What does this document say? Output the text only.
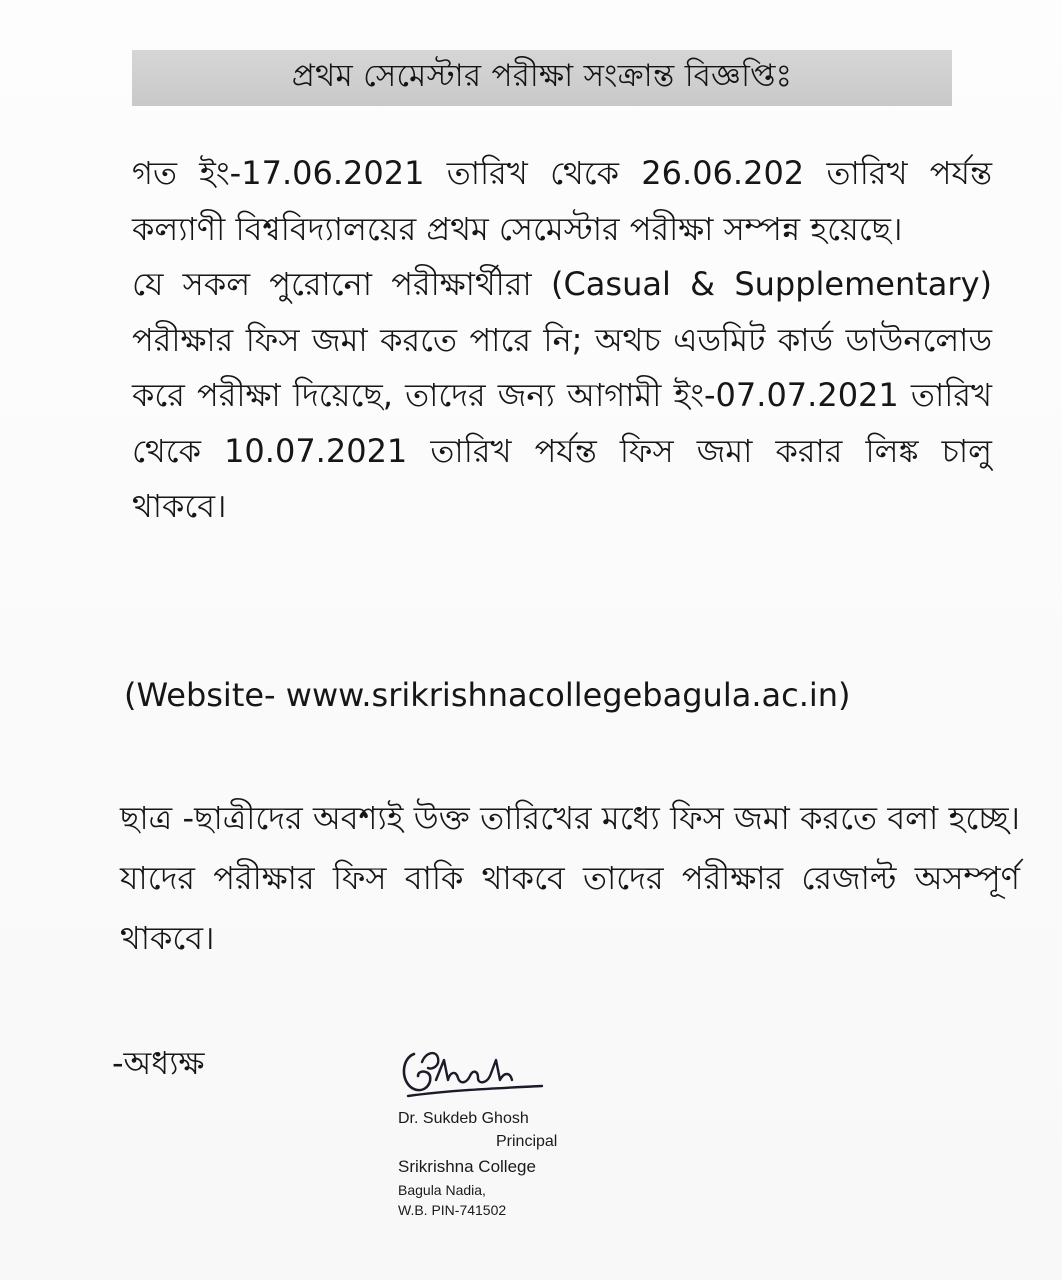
প্রথম সেমেস্টার পরীক্ষা সংক্রান্ত বিজ্ঞপ্তিঃ

গত ইং-17.06.2021 তারিখ থেকে 26.06.202 তারিখ পর্যন্ত কল্যাণী বিশ্ববিদ্যালয়ের প্রথম সেমেস্টার পরীক্ষা সম্পন্ন হয়েছে।

যে সকল পুরোনো পরীক্ষার্থীরা (Casual & Supplementary) পরীক্ষার ফিস জমা করতে পারে নি; অথচ এডমিট কার্ড ডাউনলোড করে পরীক্ষা দিয়েছে, তাদের জন্য আগামী ইং-07.07.2021 তারিখ থেকে 10.07.2021 তারিখ পর্যন্ত ফিস জমা করার লিঙ্ক চালু থাকবে।

(Website- www.srikrishnacollegebagula.ac.in)
ছাত্র -ছাত্রীদের অবশ্যই উক্ত তারিখের মধ্যে ফিস জমা করতে বলা হচ্ছে। যাদের পরীক্ষার ফিস বাকি থাকবে তাদের পরীক্ষার রেজাল্ট অসম্পূর্ণ থাকবে।
-অধ্যক্ষ
Dr. Sukdeb Ghosh
Principal
Srikrishna College
Bagula Nadia,
W.B. PIN-741502
